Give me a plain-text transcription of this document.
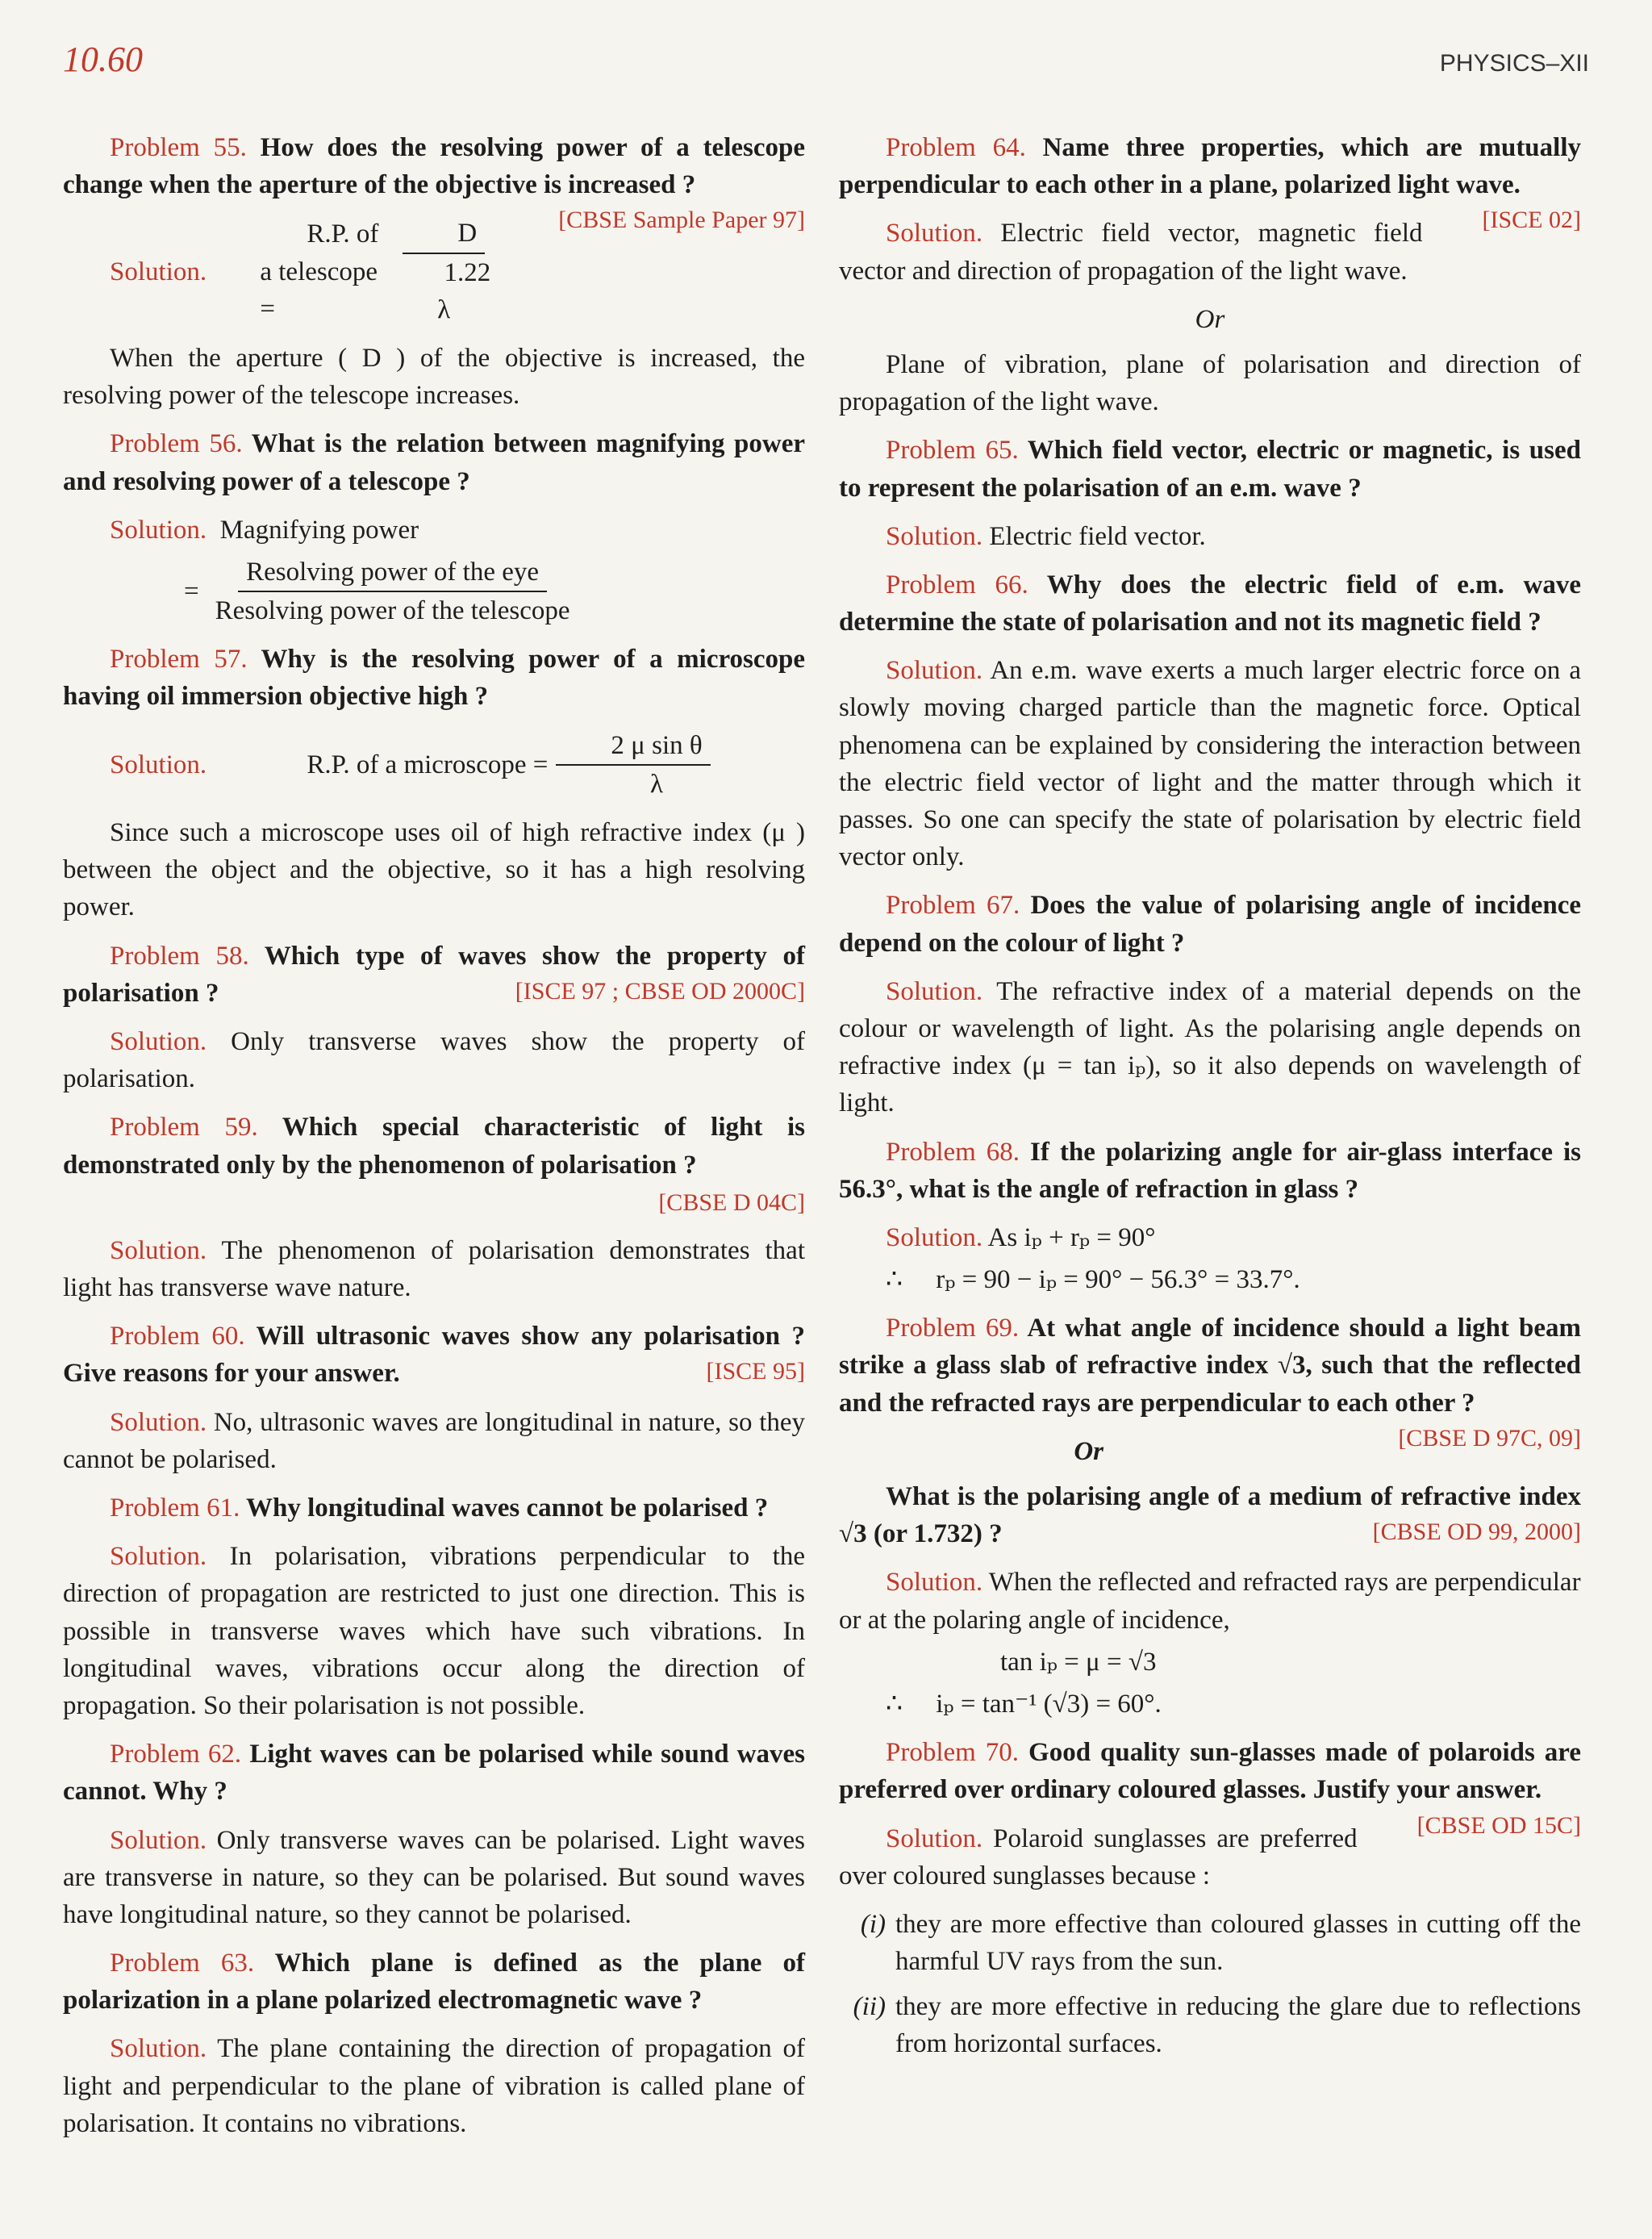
10.60	PHYSICS–XII
Problem 55. How does the resolving power of a telescope change when the aperture of the objective is increased ?
[CBSE Sample Paper 97]
Solution.

R.P. of a telescope =	$\frac{D}{1.22 \lambda}$
When the aperture ( D ) of the objective is increased, the resolving power of the telescope increases.
Problem 56. What is the relation between magnifying power and resolving power of a telescope ?
Solution. Magnifying power
= $\frac{\text{Resolving power of the eye}}{\text{Resolving power of the telescope}}$
Problem 57. Why is the resolving power of a microscope having oil immersion objective high ?
Solution.
	R.P. of a microscope = $\frac{\text{2 μ sin θ}}{\lambda}$
Since such a microscope uses oil of high refractive index (μ ) between the object and the objective, so it has a high resolving power.
Problem 58. Which type of waves show the property of polarisation ?	[ISCE 97 ; CBSE OD 2000C]
Solution. Only transverse waves show the property of polarisation.
Problem 59. Which special characteristic of light is demonstrated only by the phenomenon of polarisation ?
[CBSE D 04C]
Solution. The phenomenon of polarisation demonstrates that light has transverse wave nature.
Problem 60. Will ultrasonic waves show any polarisation ? Give reasons for your answer.	[ISCE 95]
Solution. No, ultrasonic waves are longitudinal in nature, so they cannot be polarised.
Problem 61. Why longitudinal waves cannot be polarised ?
Solution. In polarisation, vibrations perpendicular to the direction of propagation are restricted to just one direction. This is possible in transverse waves which have such vibrations. In longitudinal waves, vibrations occur along the direction of propagation. So their polarisation is not possible.
Problem 62. Light waves can be polarised while sound waves cannot. Why ?
Solution. Only transverse waves can be polarised. Light waves are transverse in nature, so they can be polarised. But sound waves have longitudinal nature, so they cannot be polarised.
Problem 63. Which plane is defined as the plane of polarization in a plane polarized electromagnetic wave ?
Solution. The plane containing the direction of propagation of light and perpendicular to the plane of vibration is called plane of polarisation. It contains no vibrations.
Problem 64. Name three properties, which are mutually perpendicular to each other in a plane, polarized light wave.
[ISCE 02]
Solution. Electric field vector, magnetic field vector and direction of propagation of the light wave.
Or
Plane of vibration, plane of polarisation and direction of propagation of the light wave.
Problem 65. Which field vector, electric or magnetic, is used to represent the polarisation of an e.m. wave ?
Solution. Electric field vector.
Problem 66. Why does the electric field of e.m. wave determine the state of polarisation and not its magnetic field ?
Solution. An e.m. wave exerts a much larger electric force on a slowly moving charged particle than the magnetic force. Optical phenomena can be explained by considering the interaction between the electric field vector of light and the matter through which it passes. So one can specify the state of polarisation by electric field vector only.
Problem 67. Does the value of polarising angle of incidence depend on the colour of light ?
Solution. The refractive index of a material depends on the colour or wavelength of light. As the polarising angle depends on refractive index (μ = tan iₚ), so it also depends on wavelength of light.
Problem 68. If the polarizing angle for air-glass interface is 56.3°, what is the angle of refraction in glass ?
Solution. As iₚ + rₚ = 90°
∴     rₚ = 90 − iₚ = 90° − 56.3° = 33.7°.
Problem 69. At what angle of incidence should a light beam strike a glass slab of refractive index √3, such that the reflected and the refracted rays are perpendicular to each other ?
[CBSE D 97C, 09]
Or
What is the polarising angle of a medium of refractive index √3 (or 1.732) ?	[CBSE OD 99, 2000]
Solution. When the reflected and refracted rays are perpendicular or at the polaring angle of incidence,
tan iₚ = μ = √3
∴     iₚ = tan⁻¹ (√3) = 60°.
Problem 70. Good quality sun-glasses made of polaroids are preferred over ordinary coloured glasses. Justify your answer.
[CBSE OD 15C]
Solution. Polaroid sunglasses are preferred over coloured sunglasses because :
(i) they are more effective than coloured glasses in cutting off the harmful UV rays from the sun.
(ii) they are more effective in reducing the glare due to reflections from horizontal surfaces.
